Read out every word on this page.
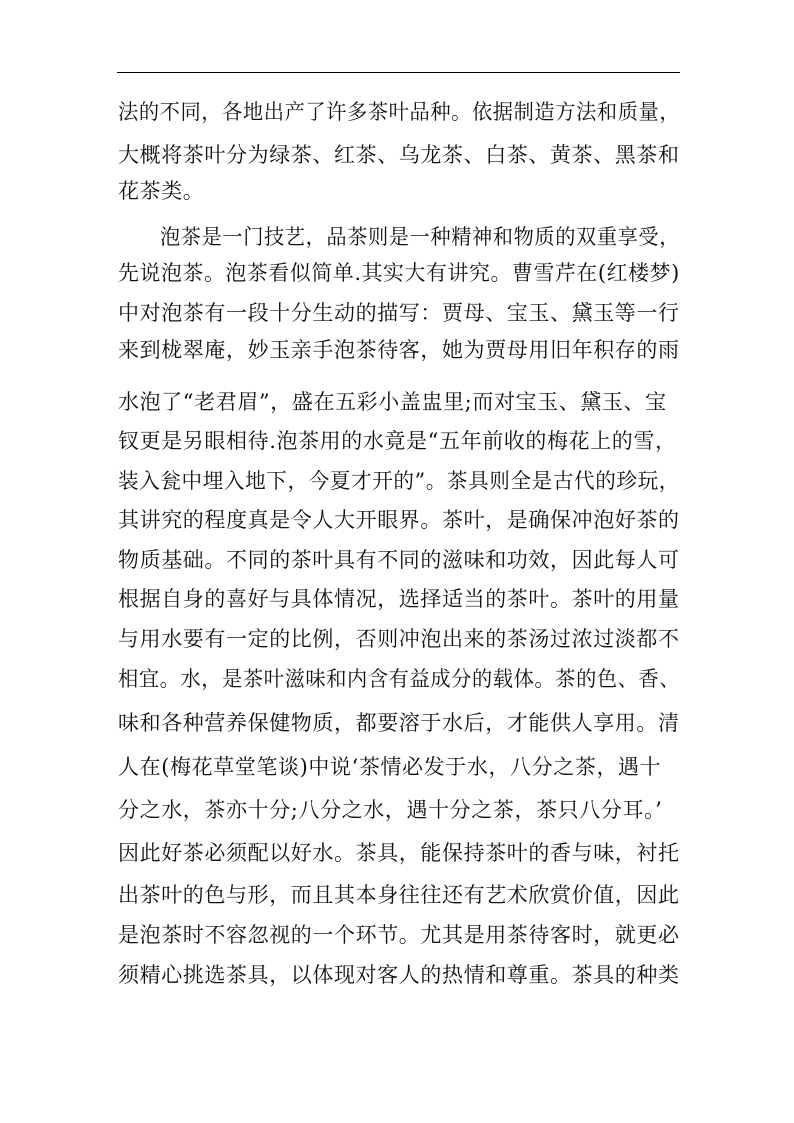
法的不同，各地出产了许多茶叶品种。依据制造方法和质量，
大概将茶叶分为绿茶、红茶、乌龙茶、白茶、黄茶、黑茶和
花茶类。
泡茶是一门技艺，品茶则是一种精神和物质的双重享受，
先说泡茶。泡茶看似简单.其实大有讲究。曹雪芹在(红楼梦)
中对泡茶有一段十分生动的描写：贾母、宝玉、黛玉等一行
来到栊翠庵，妙玉亲手泡茶待客，她为贾母用旧年积存的雨
水泡了“老君眉”，盛在五彩小盖盅里;而对宝玉、黛玉、宝
钗更是另眼相待.泡茶用的水竟是“五年前收的梅花上的雪，
装入瓮中埋入地下，今夏才开的”。茶具则全是古代的珍玩，
其讲究的程度真是令人大开眼界。茶叶，是确保冲泡好茶的
物质基础。不同的茶叶具有不同的滋味和功效，因此每人可
根据自身的喜好与具体情况，选择适当的茶叶。茶叶的用量
与用水要有一定的比例，否则冲泡出来的茶汤过浓过淡都不
相宜。水，是茶叶滋味和内含有益成分的载体。茶的色、香、
味和各种营养保健物质，都要溶于水后，才能供人享用。清
人在(梅花草堂笔谈)中说‘茶情必发于水，八分之茶，遇十
分之水，茶亦十分;八分之水，遇十分之茶，茶只八分耳。’
因此好茶必须配以好水。茶具，能保持茶叶的香与味，衬托
出茶叶的色与形，而且其本身往往还有艺术欣赏价值，因此
是泡茶时不容忽视的一个环节。尤其是用茶待客时，就更必
须精心挑选茶具，以体现对客人的热情和尊重。茶具的种类
